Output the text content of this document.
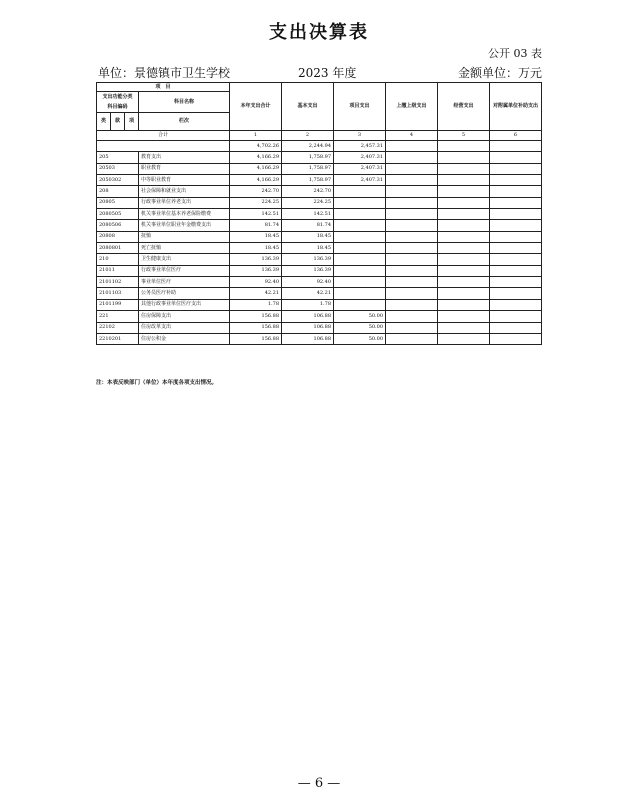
支出决算表
公开 03 表
单位：景德镇市卫生学校	2023 年度	金额单位：万元
项　目				本年支出合计	基本支出	项目支出	上缴上级支出	经营支出	对附属单位补助支出

支出功能分类
科目编码			科目名称						
类	款	项	栏次						
合计				1	2	3	4	5	6
				4,702.26	2,244.94	2,457.31			
205			教育支出	4,166.29	1,758.97	2,407.31			
20503			职业教育	4,166.29	1,758.97	2,407.31			
2050302			中等职业教育	4,166.29	1,758.97	2,407.31			
208			社会保障和就业支出	242.70	242.70				
20805			行政事业单位养老支出	224.25	224.25				
2080505			机关事业单位基本养老保险缴费	142.51	142.51				
2080506			机关事业单位职业年金缴费支出	81.74	81.74				
20808			抚恤	18.45	18.45				
2080801			死亡抚恤	18.45	18.45				
210			卫生健康支出	136.39	136.39				
21011			行政事业单位医疗	136.39	136.39				
2101102			事业单位医疗	92.40	92.40				
2101103			公务员医疗补助	42.21	42.21				
2101199			其他行政事业单位医疗支出	1.78	1.78				
221			住房保障支出	156.88	106.88	50.00			
22102			住房改革支出	156.88	106.88	50.00			
2210201			住房公积金	156.88	106.88	50.00			
注：本表反映部门（单位）本年度各项支出情况。
— 6 —
